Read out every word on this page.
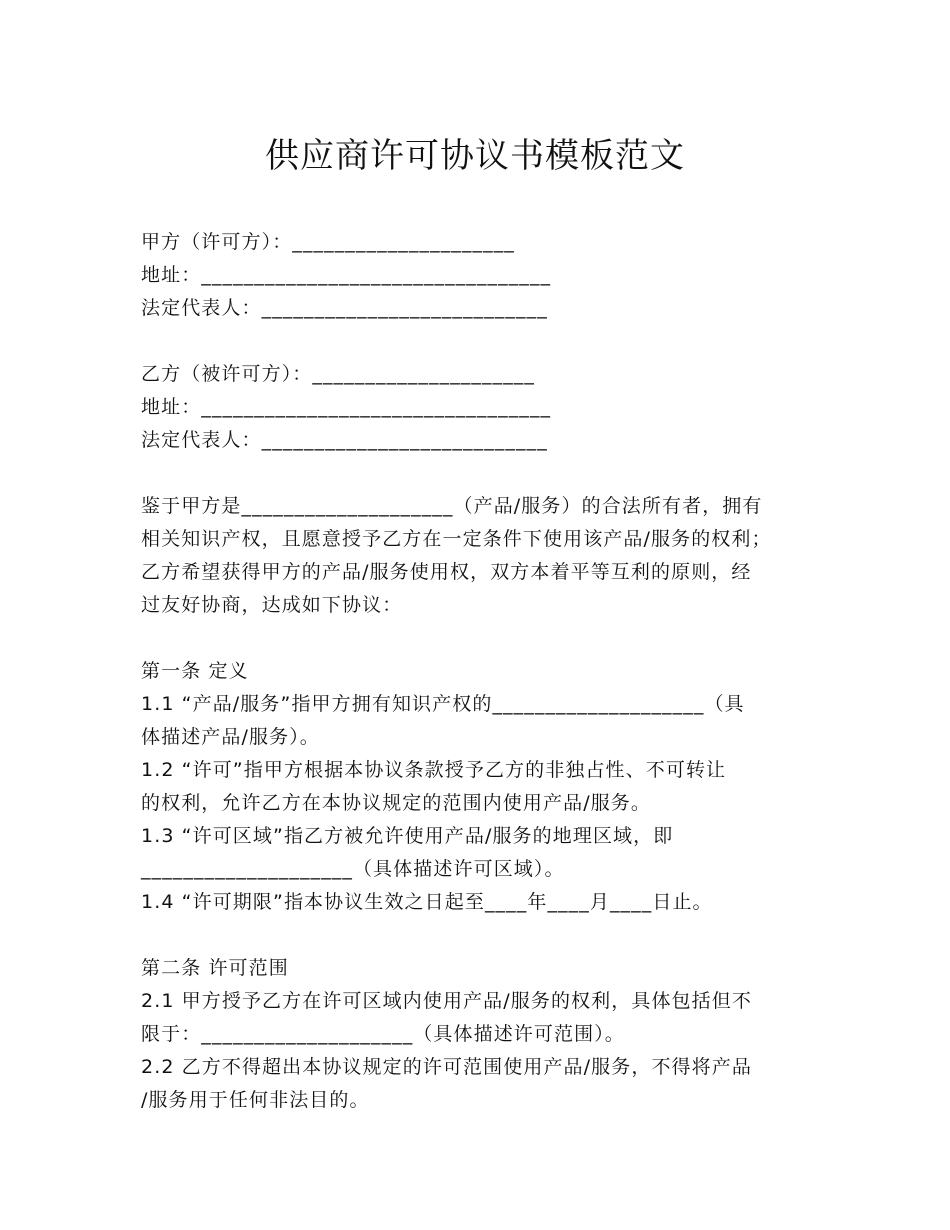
供应商许可协议书模板范文
甲方（许可方）：_____________________
地址：_________________________________
法定代表人：___________________________
乙方（被许可方）：_____________________
地址：_________________________________
法定代表人：___________________________
鉴于甲方是____________________（产品/服务）的合法所有者，拥有
相关知识产权，且愿意授予乙方在一定条件下使用该产品/服务的权利；
乙方希望获得甲方的产品/服务使用权，双方本着平等互利的原则，经
过友好协商，达成如下协议：
第一条 定义
1.1 “产品/服务”指甲方拥有知识产权的____________________（具
体描述产品/服务）。
1.2 “许可”指甲方根据本协议条款授予乙方的非独占性、不可转让
的权利，允许乙方在本协议规定的范围内使用产品/服务。
1.3 “许可区域”指乙方被允许使用产品/服务的地理区域，即
____________________（具体描述许可区域）。
1.4 “许可期限”指本协议生效之日起至____年____月____日止。
第二条 许可范围
2.1 甲方授予乙方在许可区域内使用产品/服务的权利，具体包括但不
限于：____________________（具体描述许可范围）。
2.2 乙方不得超出本协议规定的许可范围使用产品/服务，不得将产品
/服务用于任何非法目的。
